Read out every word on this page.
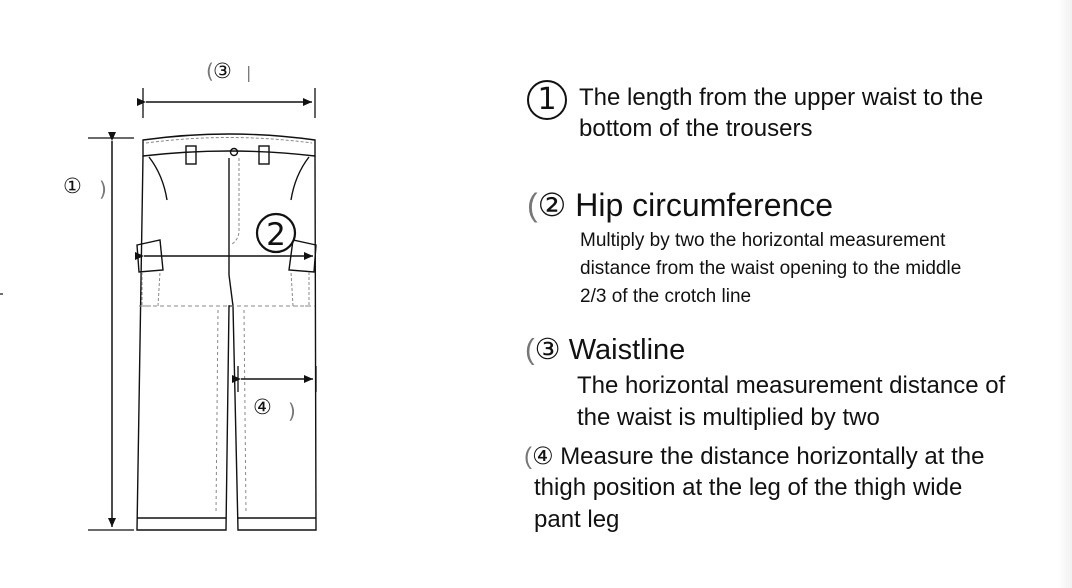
( ③ |
① )
2
④ )
1 The length from the upper waist to the
bottom of the trousers
(② Hip circumference
Multiply by two the horizontal measurement
distance from the waist opening to the middle
2/3 of the crotch line
(③ Waistline
The horizontal measurement distance of
the waist is multiplied by two
(④ Measure the distance horizontally at the
thigh position at the leg of the thigh wide
pant leg
